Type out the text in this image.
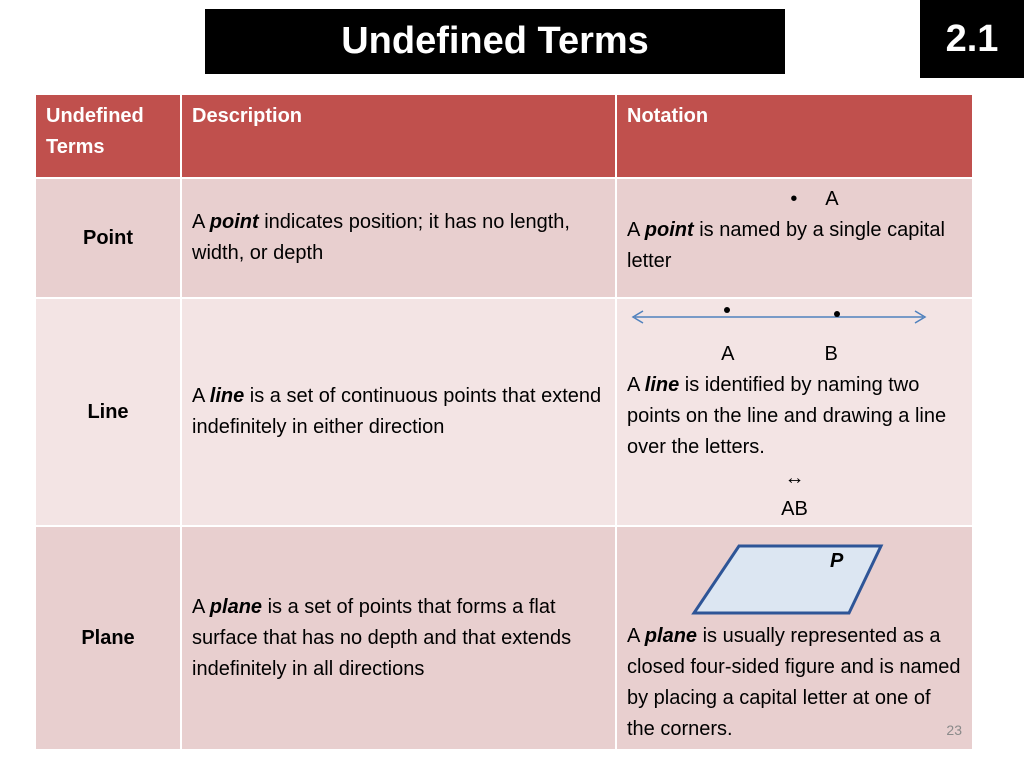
Undefined Terms	2.1
Undefined Terms	Description	Notation
Point	A point indicates position; it has no length, width, or depth	• A
A point is named by a single capital letter

Line	A line is a set of continuous points that extend indefinitely in either direction	A B
A line is identified by naming two points on the line and drawing a line over the letters.
↔
AB

Plane	A plane is a set of points that forms a flat surface that has no depth and that extends indefinitely in all directions	P
A plane is usually represented as a closed four-sided figure and is named by placing a capital letter at one of the corners.	23
